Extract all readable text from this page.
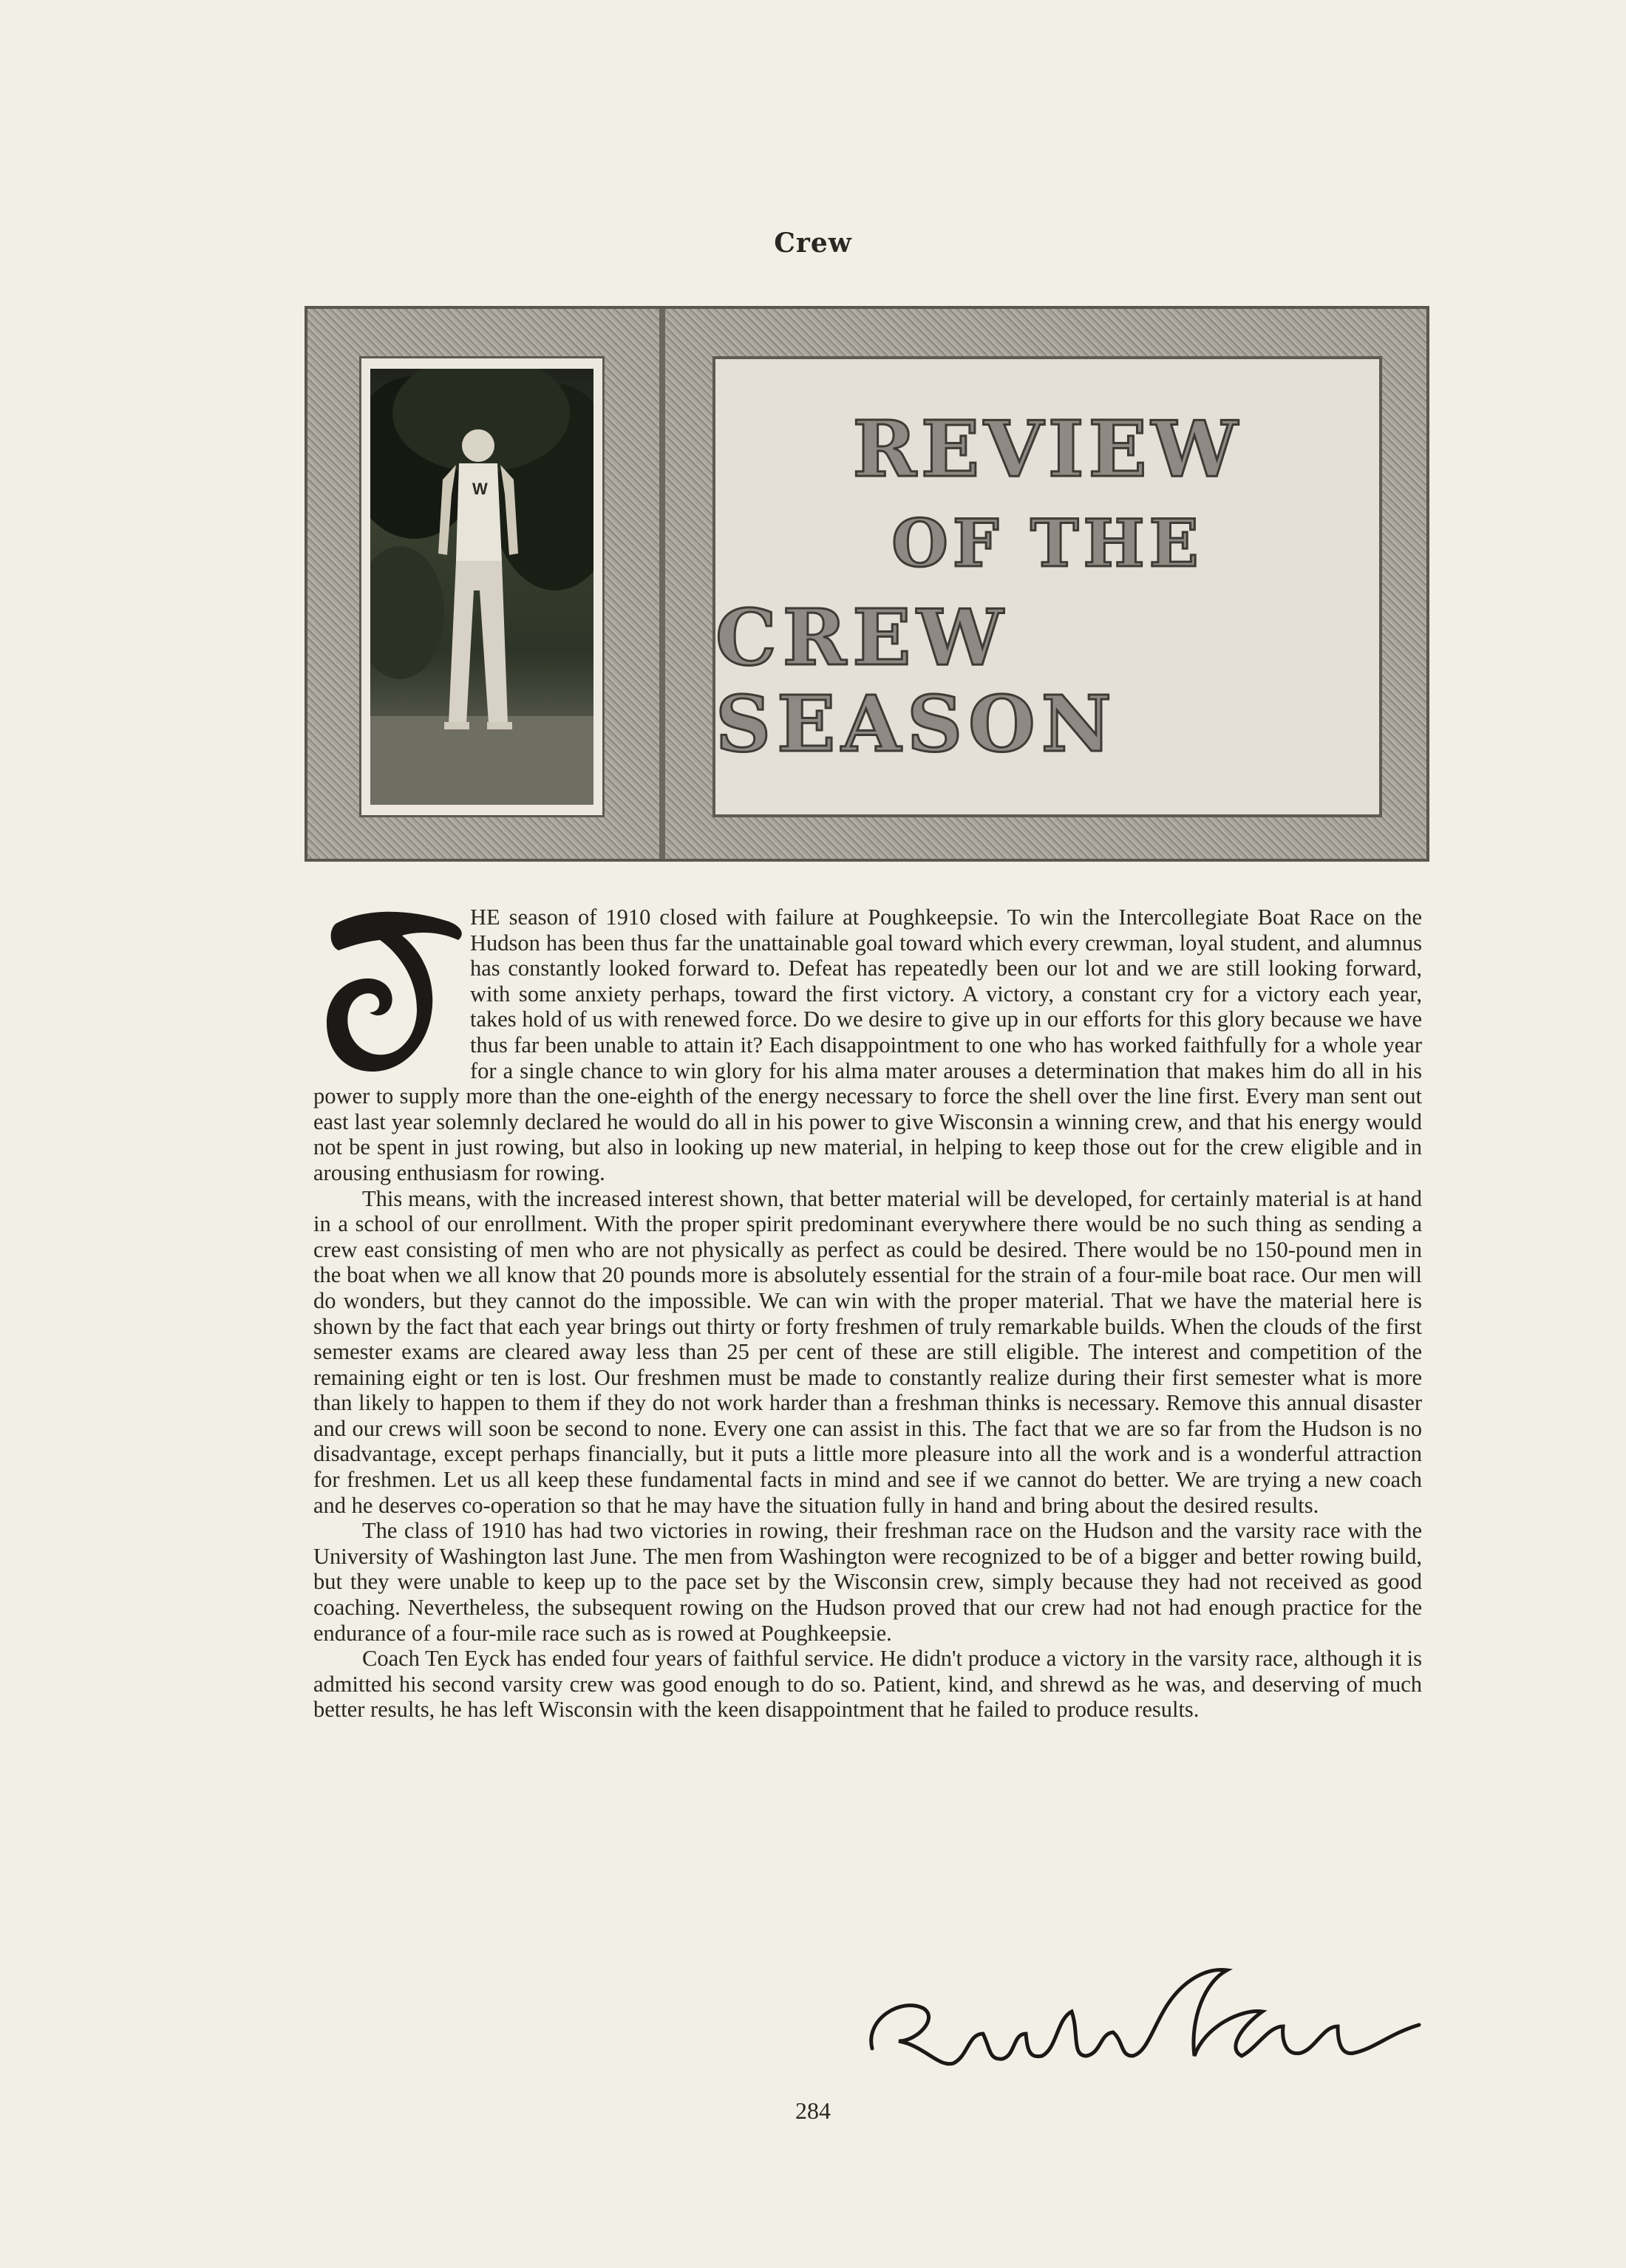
Crew
W	REVIEW
OF THE
CREW SEASON

HE season of 1910 closed with failure at Poughkeepsie. To win the Intercollegiate Boat Race on the Hudson has been thus far the unattainable goal toward which every crewman, loyal student, and alumnus has constantly looked forward to. Defeat has repeatedly been our lot and we are still looking forward, with some anxiety perhaps, toward the first victory. A victory, a constant cry for a victory each year, takes hold of us with renewed force. Do we desire to give up in our efforts for this glory because we have thus far been unable to attain it? Each disappointment to one who has worked faithfully for a whole year for a single chance to win glory for his alma mater arouses a determination that makes him do all in his power to supply more than the one-eighth of the energy necessary to force the shell over the line first. Every man sent out east last year solemnly declared he would do all in his power to give Wisconsin a winning crew, and that his energy would not be spent in just rowing, but also in looking up new material, in helping to keep those out for the crew eligible and in arousing enthusiasm for rowing.

This means, with the increased interest shown, that better material will be developed, for certainly material is at hand in a school of our enrollment. With the proper spirit predominant everywhere there would be no such thing as sending a crew east consisting of men who are not physically as perfect as could be desired. There would be no 150-pound men in the boat when we all know that 20 pounds more is absolutely essential for the strain of a four-mile boat race. Our men will do wonders, but they cannot do the impossible. We can win with the proper material. That we have the material here is shown by the fact that each year brings out thirty or forty freshmen of truly remarkable builds. When the clouds of the first semester exams are cleared away less than 25 per cent of these are still eligible. The interest and competition of the remaining eight or ten is lost. Our freshmen must be made to constantly realize during their first semester what is more than likely to happen to them if they do not work harder than a freshman thinks is necessary. Remove this annual disaster and our crews will soon be second to none. Every one can assist in this. The fact that we are so far from the Hudson is no disadvantage, except perhaps financially, but it puts a little more pleasure into all the work and is a wonderful attraction for freshmen. Let us all keep these fundamental facts in mind and see if we cannot do better. We are trying a new coach and he deserves co-operation so that he may have the situation fully in hand and bring about the desired results.

The class of 1910 has had two victories in rowing, their freshman race on the Hudson and the varsity race with the University of Washington last June. The men from Washington were recognized to be of a bigger and better rowing build, but they were unable to keep up to the pace set by the Wisconsin crew, simply because they had not received as good coaching. Nevertheless, the subsequent rowing on the Hudson proved that our crew had not had enough practice for the endurance of a four-mile race such as is rowed at Poughkeepsie.

Coach Ten Eyck has ended four years of faithful service. He didn't produce a victory in the varsity race, although it is admitted his second varsity crew was good enough to do so. Patient, kind, and shrewd as he was, and deserving of much better results, he has left Wisconsin with the keen disappointment that he failed to produce results.

284
